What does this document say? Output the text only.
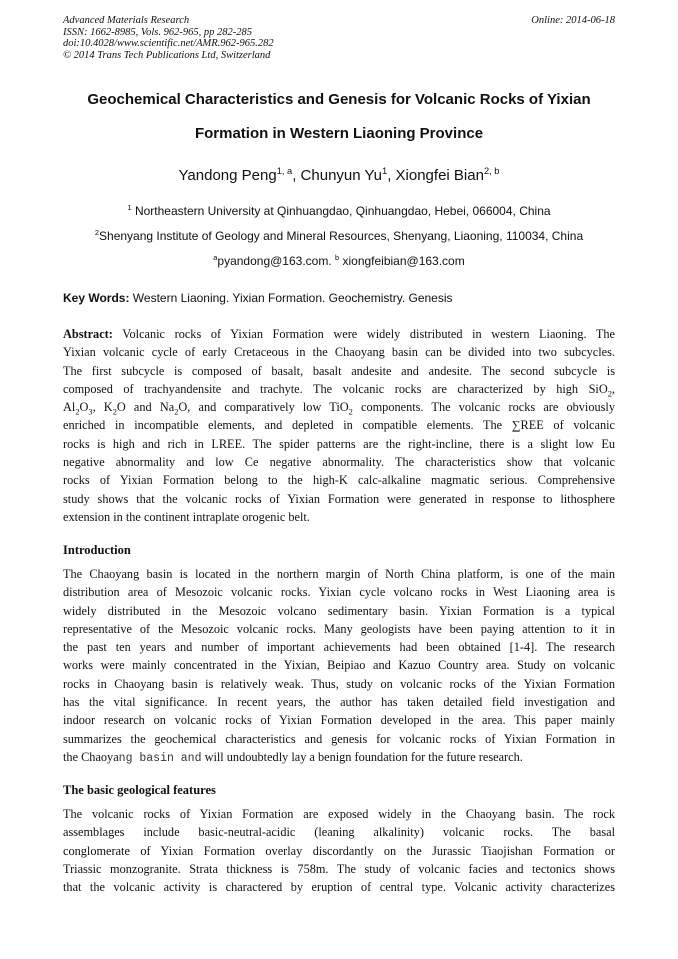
Advanced Materials Research
ISSN: 1662-8985, Vols. 962-965, pp 282-285
doi:10.4028/www.scientific.net/AMR.962-965.282
© 2014 Trans Tech Publications Ltd, Switzerland
Online: 2014-06-18
Geochemical Characteristics and Genesis for Volcanic Rocks of Yixian
Formation in Western Liaoning Province
Yandong Peng$^{1, a}$, Chunyun Yu$^1$, Xiongfei Bian$^{2, b}$
$^1$ Northeastern University at Qinhuangdao, Qinhuangdao, Hebei, 066004, China
$^2$Shenyang Institute of Geology and Mineral Resources, Shenyang, Liaoning, 110034, China
$^a$pyandong@163.com. $^b$ xiongfeibian@163.com
Key Words: Western Liaoning. Yixian Formation. Geochemistry. Genesis
Abstract: Volcanic rocks of Yixian Formation were widely distributed in western Liaoning. The
Yixian volcanic cycle of early Cretaceous in the Chaoyang basin can be divided into two subcycles.
The first subcycle is composed of basalt, basalt andesite and andesite. The second subcycle is
composed of trachyandensite and trachyte. The volcanic rocks are characterized by high SiO$_2$,
$Al_2O_3$, $K_2O$ and $Na_2O$, and comparatively low TiO$_2$ components. The volcanic rocks are obviously
enriched in incompatible elements, and depleted in compatible elements. The ∑REE of volcanic
rocks is high and rich in LREE. The spider patterns are the right-incline, there is a slight low Eu
negative abnormality and low Ce negative abnormality. The characteristics show that volcanic
rocks of Yixian Formation belong to the high-K calc-alkaline magmatic serious. Comprehensive
study shows that the volcanic rocks of Yixian Formation were generated in response to lithosphere
extension in the continent intraplate orogenic belt.
Introduction
The Chaoyang basin is located in the northern margin of North China platform, is one of the main
distribution area of Mesozoic volcanic rocks. Yixian cycle volcano rocks in West Liaoning area is
widely distributed in the Mesozoic volcano sedimentary basin. Yixian Formation is a typical
representative of the Mesozoic volcanic rocks. Many geologists have been paying attention to it in
the past ten years and number of important achievements had been obtained [1-4]. The research
works were mainly concentrated in the Yixian, Beipiao and Kazuo Country area. Study on volcanic
rocks in Chaoyang basin is relatively weak. Thus, study on volcanic rocks of the Yixian Formation
has the vital significance. In recent years, the author has taken detailed field investigation and
indoor research on volcanic rocks of Yixian Formation developed in the area. This paper mainly
summarizes the geochemical characteristics and genesis for volcanic rocks of Yixian Formation in
the Chaoyang basin and will undoubtedly lay a benign foundation for the future research.
The basic geological features
The volcanic rocks of Yixian Formation are exposed widely in the Chaoyang basin. The rock
assemblages include basic-neutral-acidic (leaning alkalinity) volcanic rocks. The basal
conglomerate of Yixian Formation overlay discordantly on the Jurassic Tiaojishan Formation or
Triassic monzogranite. Strata thickness is 758m. The study of volcanic facies and tectonics shows
that the volcanic activity is charactered by eruption of central type. Volcanic activity characterizes
